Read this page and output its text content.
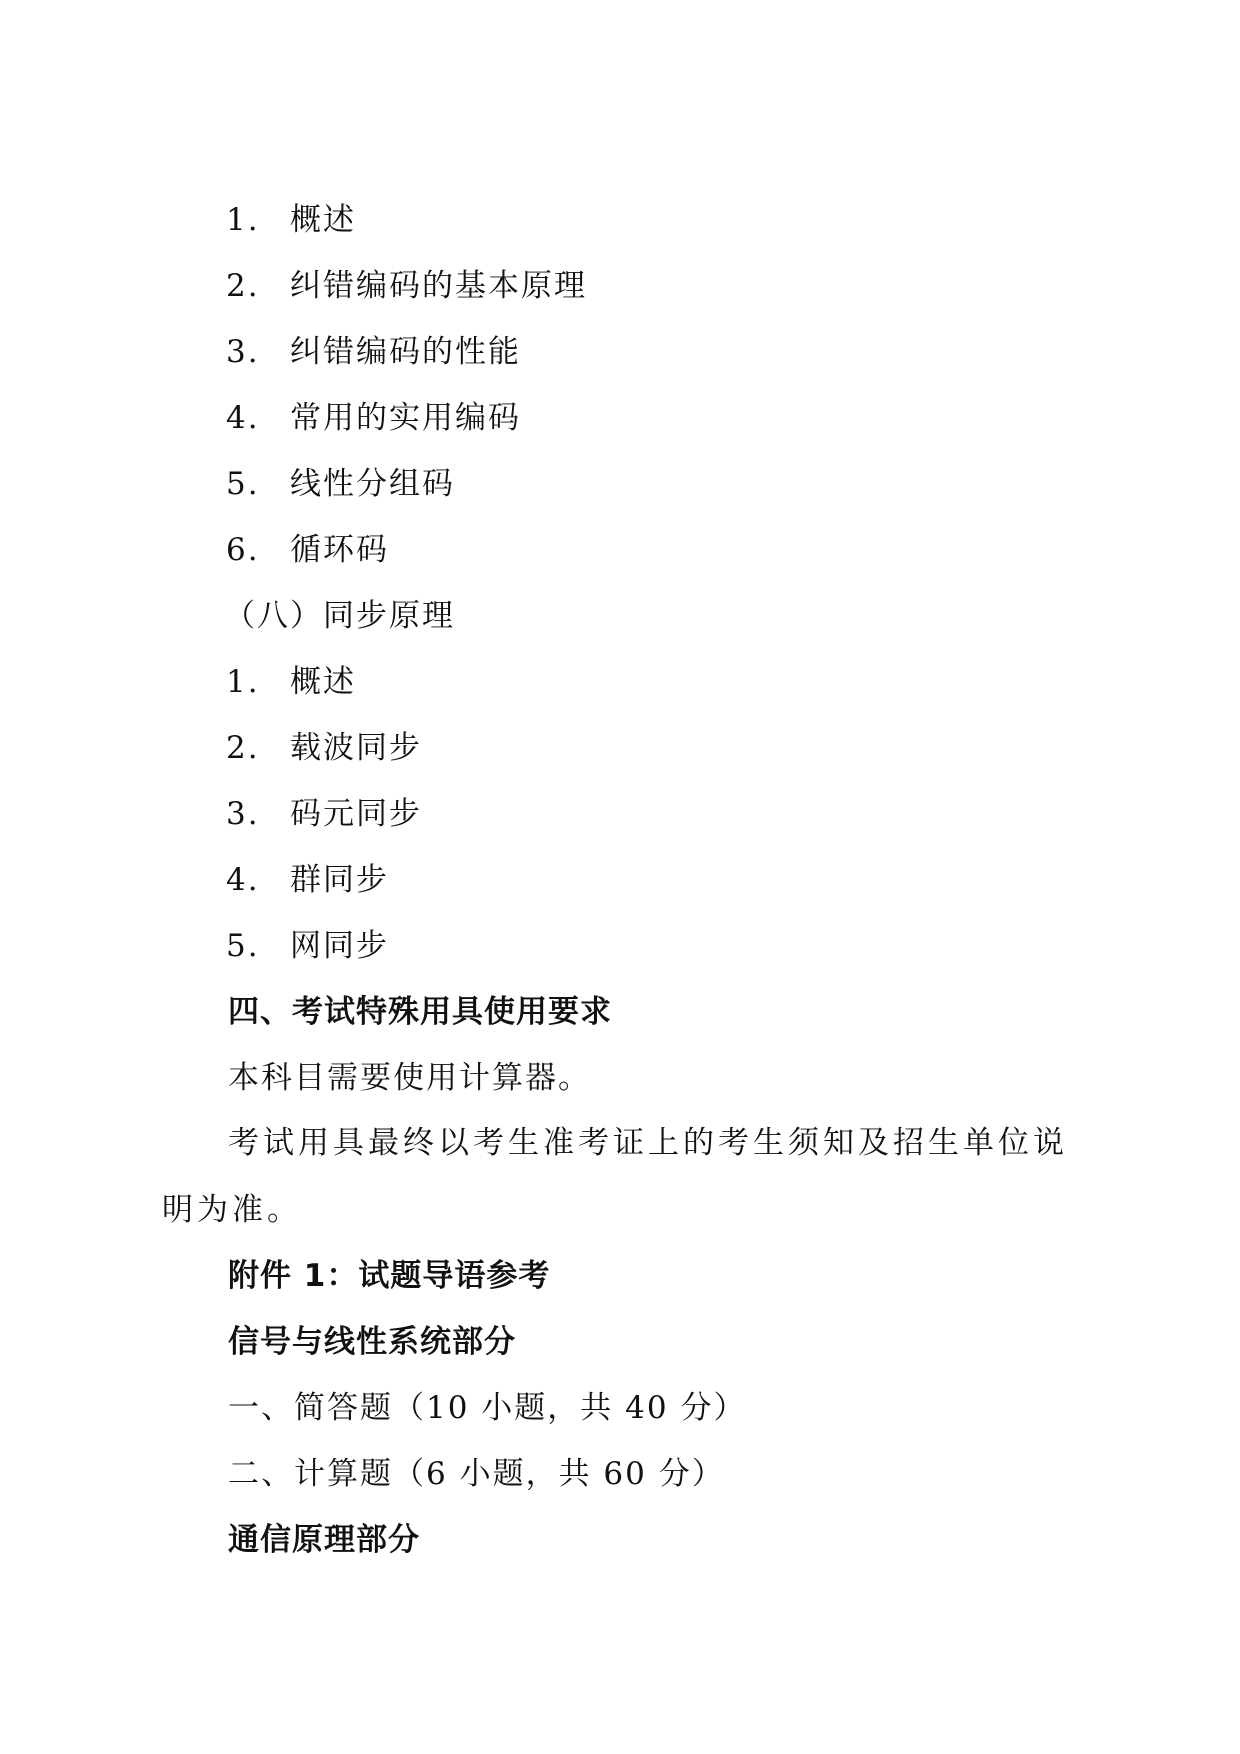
1. 概述
2. 纠错编码的基本原理
3. 纠错编码的性能
4. 常用的实用编码
5. 线性分组码
6. 循环码
（八）同步原理
1. 概述
2. 载波同步
3. 码元同步
4. 群同步
5. 网同步
四、考试特殊用具使用要求
本科目需要使用计算器。
考试用具最终以考生准考证上的考生须知及招生单位说明为准。
附件 1：试题导语参考
信号与线性系统部分
一、简答题（10 小题，共 40 分）
二、计算题（6 小题，共 60 分）
通信原理部分
